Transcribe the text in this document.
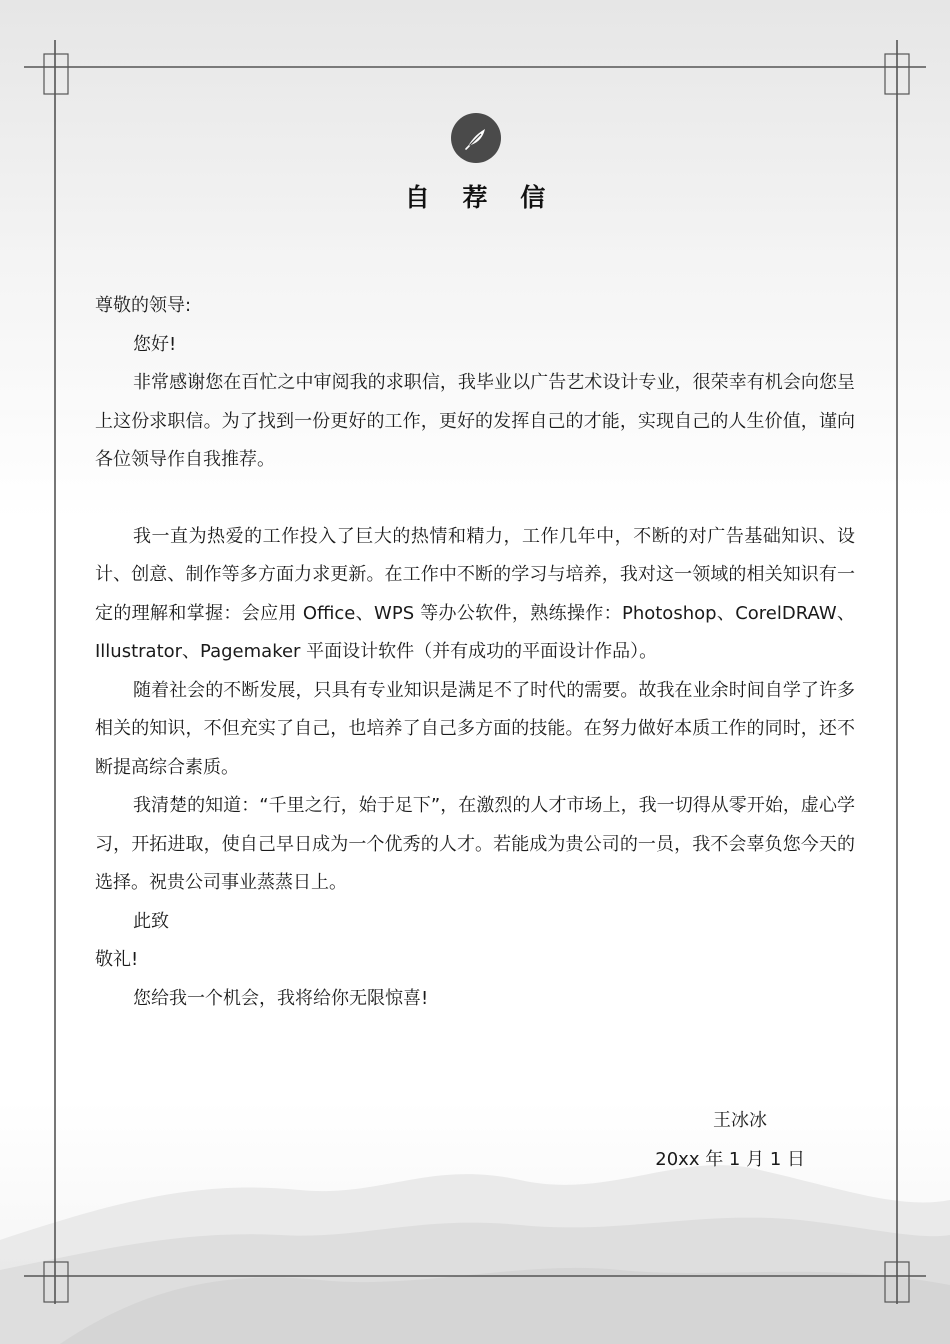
自 荐 信

尊敬的领导:

您好!

非常感谢您在百忙之中审阅我的求职信，我毕业以广告艺术设计专业，很荣幸有机会向您呈上这份求职信。为了找到一份更好的工作，更好的发挥自己的才能，实现自己的人生价值，谨向各位领导作自我推荐。

我一直为热爱的工作投入了巨大的热情和精力，工作几年中，不断的对广告基础知识、设计、创意、制作等多方面力求更新。在工作中不断的学习与培养，我对这一领域的相关知识有一定的理解和掌握：会应用 Office、WPS 等办公软件，熟练操作：Photoshop、CorelDRAW、Illustrator、Pagemaker 平面设计软件（并有成功的平面设计作品）。

随着社会的不断发展，只具有专业知识是满足不了时代的需要。故我在业余时间自学了许多相关的知识，不但充实了自己，也培养了自己多方面的技能。在努力做好本质工作的同时，还不断提高综合素质。

我清楚的知道：“千里之行，始于足下”，在激烈的人才市场上，我一切得从零开始，虚心学习，开拓进取，使自己早日成为一个优秀的人才。若能成为贵公司的一员，我不会辜负您今天的选择。祝贵公司事业蒸蒸日上。

此致

敬礼!

您给我一个机会，我将给你无限惊喜!

王冰冰
20xx 年 1 月 1 日
